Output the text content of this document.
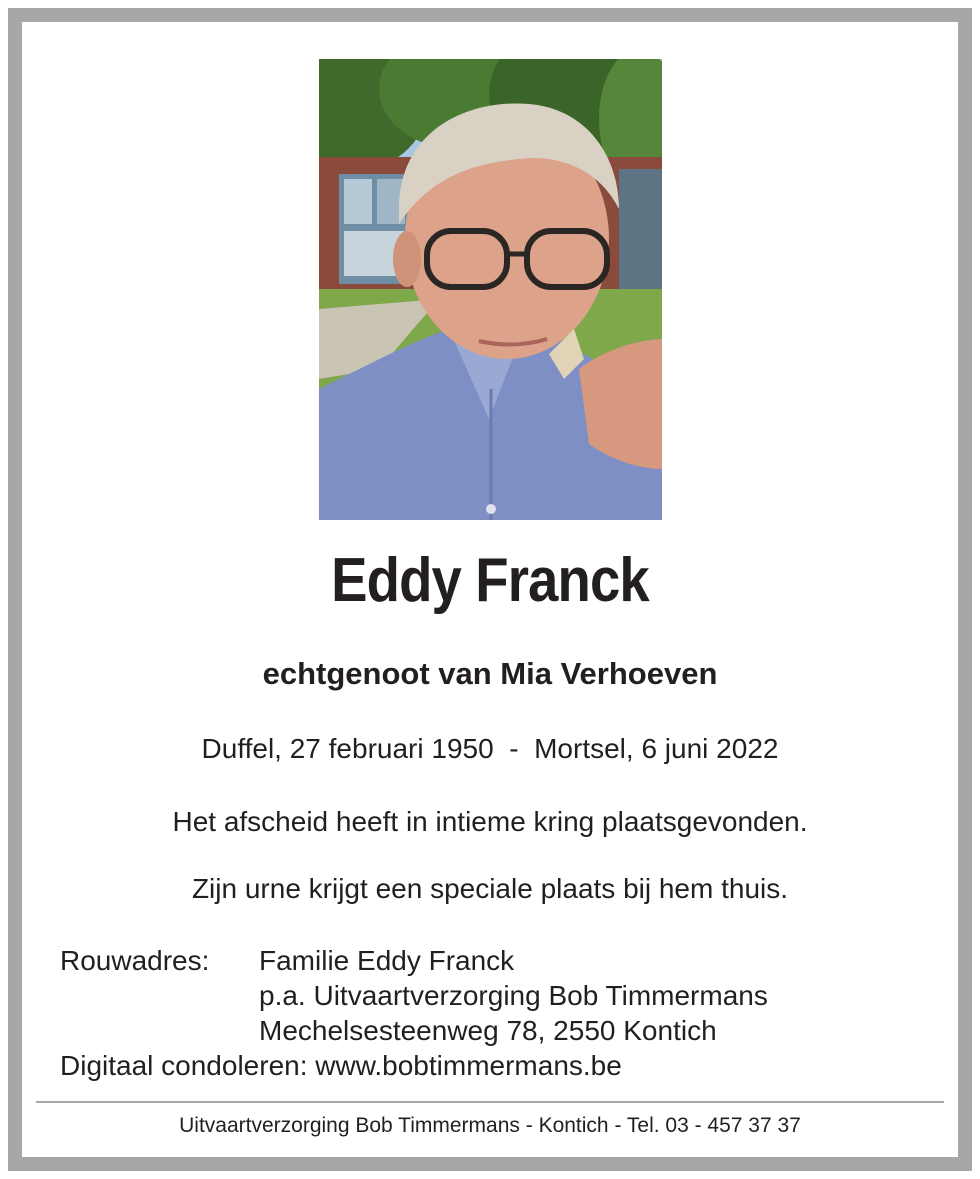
Eddy Franck
echtgenoot van Mia Verhoeven
Duffel, 27 februari 1950  -  Mortsel, 6 juni 2022
Het afscheid heeft in intieme kring plaatsgevonden.
Zijn urne krijgt een speciale plaats bij hem thuis.
Rouwadres: Familie Eddy Franck
p.a. Uitvaartverzorging Bob Timmermans
Mechelsesteenweg 78, 2550 Kontich
Digitaal condoleren: www.bobtimmermans.be
Uitvaartverzorging Bob Timmermans - Kontich - Tel. 03 - 457 37 37
